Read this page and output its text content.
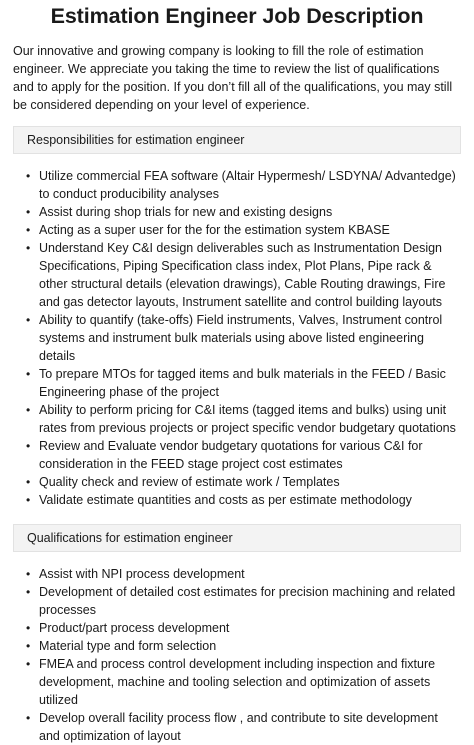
Estimation Engineer Job Description

Our innovative and growing company is looking to fill the role of estimation engineer. We appreciate you taking the time to review the list of qualifications and to apply for the position. If you don’t fill all of the qualifications, you may still be considered depending on your level of experience.

Responsibilities for estimation engineer
• Utilize commercial FEA software (Altair Hypermesh/ LSDYNA/ Advantedge) to conduct producibility analyses
• Assist during shop trials for new and existing designs
• Acting as a super user for the for the estimation system KBASE
• Understand Key C&I design deliverables such as Instrumentation Design Specifications, Piping Specification class index, Plot Plans, Pipe rack & other structural details (elevation drawings), Cable Routing drawings, Fire and gas detector layouts, Instrument satellite and control building layouts
• Ability to quantify (take-offs) Field instruments, Valves, Instrument control systems and instrument bulk materials using above listed engineering details
• To prepare MTOs for tagged items and bulk materials in the FEED / Basic Engineering phase of the project
• Ability to perform pricing for C&I items (tagged items and bulks) using unit rates from previous projects or project specific vendor budgetary quotations
• Review and Evaluate vendor budgetary quotations for various C&I for consideration in the FEED stage project cost estimates
• Quality check and review of estimate work / Templates
• Validate estimate quantities and costs as per estimate methodology
Qualifications for estimation engineer
• Assist with NPI process development
• Development of detailed cost estimates for precision machining and related processes
• Product/part process development
• Material type and form selection
• FMEA and process control development including inspection and fixture development, machine and tooling selection and optimization of assets utilized
• Develop overall facility process flow , and contribute to site development and optimization of layout
